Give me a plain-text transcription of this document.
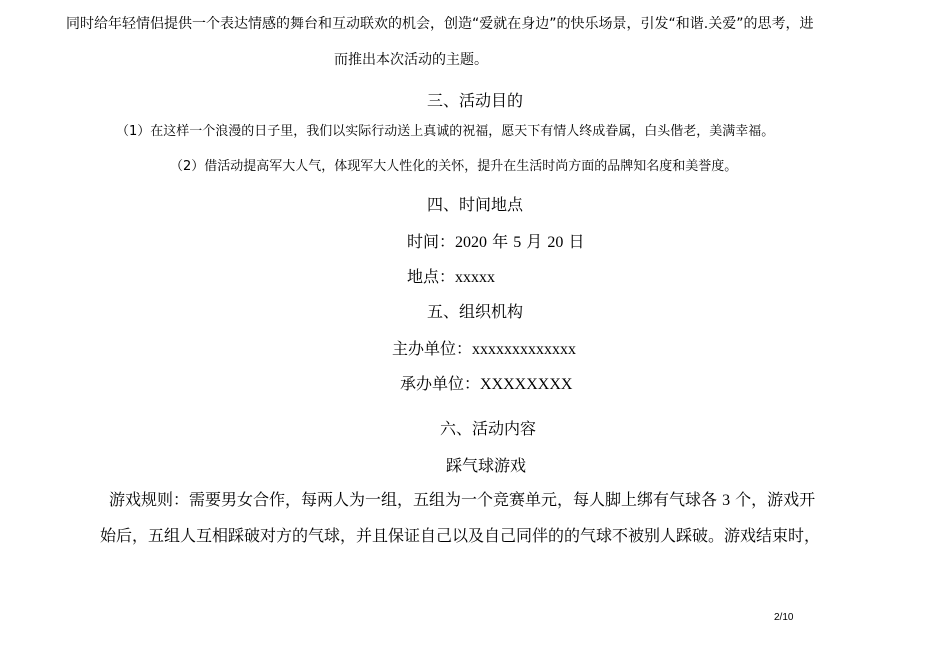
同时给年轻情侣提供一个表达情感的舞台和互动联欢的机会，创造“爱就在身边”的快乐场景，引发“和谐.关爱”的思考，进
而推出本次活动的主题。
三、活动目的
（1）在这样一个浪漫的日子里，我们以实际行动送上真诚的祝福，愿天下有情人终成眷属，白头偕老，美满幸福。
（2）借活动提高军大人气，体现军大人性化的关怀，提升在生活时尚方面的品牌知名度和美誉度。
四、时间地点
时间：2020 年 5 月 20 日
地点：xxxxx
五、组织机构
主办单位：xxxxxxxxxxxxx
承办单位：XXXXXXXX
六、活动内容
踩气球游戏
游戏规则：需要男女合作，每两人为一组，五组为一个竞赛单元，每人脚上绑有气球各 3 个，游戏开
始后，五组人互相踩破对方的气球，并且保证自己以及自己同伴的的气球不被别人踩破。游戏结束时，
2/10
